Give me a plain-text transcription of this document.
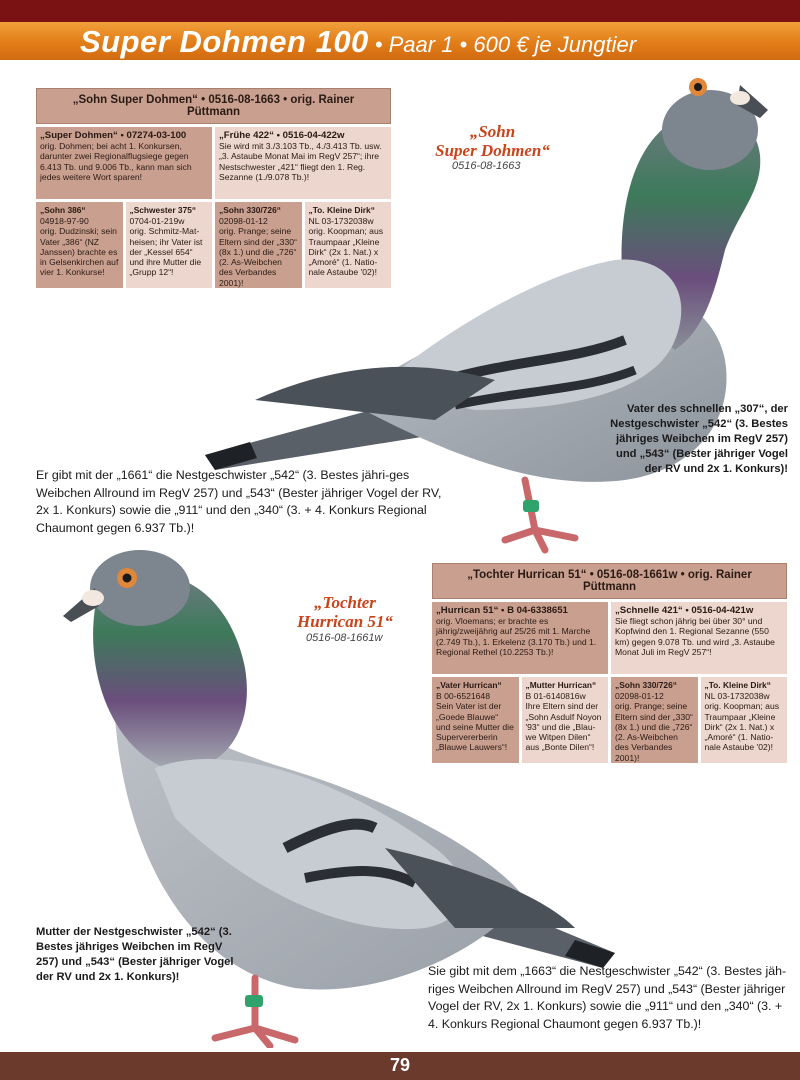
Super Dohmen 100 • Paar 1 • 600 € je Jungtier
„Sohn Super Dohmen“ • 0516-08-1663 • orig. Rainer Püttmann
„Super Dohmen“ • 07274-03-100
orig. Dohmen; bei acht 1. Konkursen, darunter zwei Regionalflugsiege gegen 6.413 Tb. und 9.006 Tb., kann man sich jedes weitere Wort sparen!
„Frühe 422“ • 0516-04-422w
Sie wird mit 3./3.103 Tb., 4./3.413 Tb. usw. „3. Astaube Monat Mai im RegV 257“; ihre Nestschwester „421“ fliegt den 1. Reg. Sezanne (1./9.078 Tb.)!
„Sohn 386“
04918-97-90
orig. Dudzinski; sein Vater „386“ (NZ Janssen) brachte es in Gelsenkirchen auf vier 1. Konkurse!
„Schwester 375“
0704-01-219w
orig. Schmitz-Mat-heisen; ihr Vater ist der „Kessel 654“ und ihre Mutter die „Grupp 12“!
„Sohn 330/726“
02098-01-12
orig. Prange; seine Eltern sind der „330“ (8x 1.) und die „726“ (2. As-Weibchen des Verbandes 2001)!
„To. Kleine Dirk“
NL 03-1732038w
orig. Koopman; aus Traumpaar „Kleine Dirk“ (2x 1. Nat.) x „Amoré“ (1. Natio-nale Astaube '02)!
„Sohn
Super Dohmen“
0516-08-1663
Vater des schnellen „307“, der Nestgeschwister „542“ (3. Bestes jähriges Weibchen im RegV 257) und „543“ (Bester jähriger Vogel der RV und 2x 1. Konkurs)!
Er gibt mit der „1661“ die Nestgeschwister „542“ (3. Bestes jähri-ges Weibchen Allround im RegV 257) und „543“ (Bester jähriger Vogel der RV, 2x 1. Konkurs) sowie die „911“ und den „340“ (3. + 4. Konkurs Regional Chaumont gegen 6.937 Tb.)!
„Tochter Hurrican 51“ • 0516-08-1661w • orig. Rainer Püttmann
„Hurrican 51“ • B 04-6338651
orig. Vloemans; er brachte es jährig/zweijährig auf 25/26 mit 1. Marche (2.749 Tb.), 1. Erkelenz (3.170 Tb.) und 1. Regional Rethel (10.2253 Tb.)!
„Schnelle 421“ • 0516-04-421w
Sie fliegt schon jährig bei über 30° und Kopfwind den 1. Regional Sezanne (550 km) gegen 9.078 Tb. und wird „3. Astaube Monat Juli im RegV 257“!
„Vater Hurrican“
B 00-6521648
Sein Vater ist der „Goede Blauwe“ und seine Mutter die Supervererberin „Blauwe Lauwers“!
„Mutter Hurrican“
B 01-6140816w
Ihre Eltern sind der „Sohn Asdulf Noyon '93“ und die „Blau-we Witpen Dilen“ aus „Bonte Dilen“!
„Sohn 330/726“
02098-01-12
orig. Prange; seine Eltern sind der „330“ (8x 1.) und die „726“ (2. As-Weibchen des Verbandes 2001)!
„To. Kleine Dirk“
NL 03-1732038w
orig. Koopman; aus Traumpaar „Kleine Dirk“ (2x 1. Nat.) x „Amoré“ (1. Natio-nale Astaube '02)!
„Tochter
Hurrican 51“
0516-08-1661w
Mutter der Nestgeschwister „542“ (3. Bestes jähriges Weibchen im RegV 257) und „543“ (Bester jähriger Vogel der RV und 2x 1. Konkurs)!	Sie gibt mit dem „1663“ die Nestgeschwister „542“ (3. Bestes jäh-riges Weibchen Allround im RegV 257) und „543“ (Bester jähriger Vogel der RV, 2x 1. Konkurs) sowie die „911“ und den „340“ (3. + 4. Konkurs Regional Chaumont gegen 6.937 Tb.)!
79
